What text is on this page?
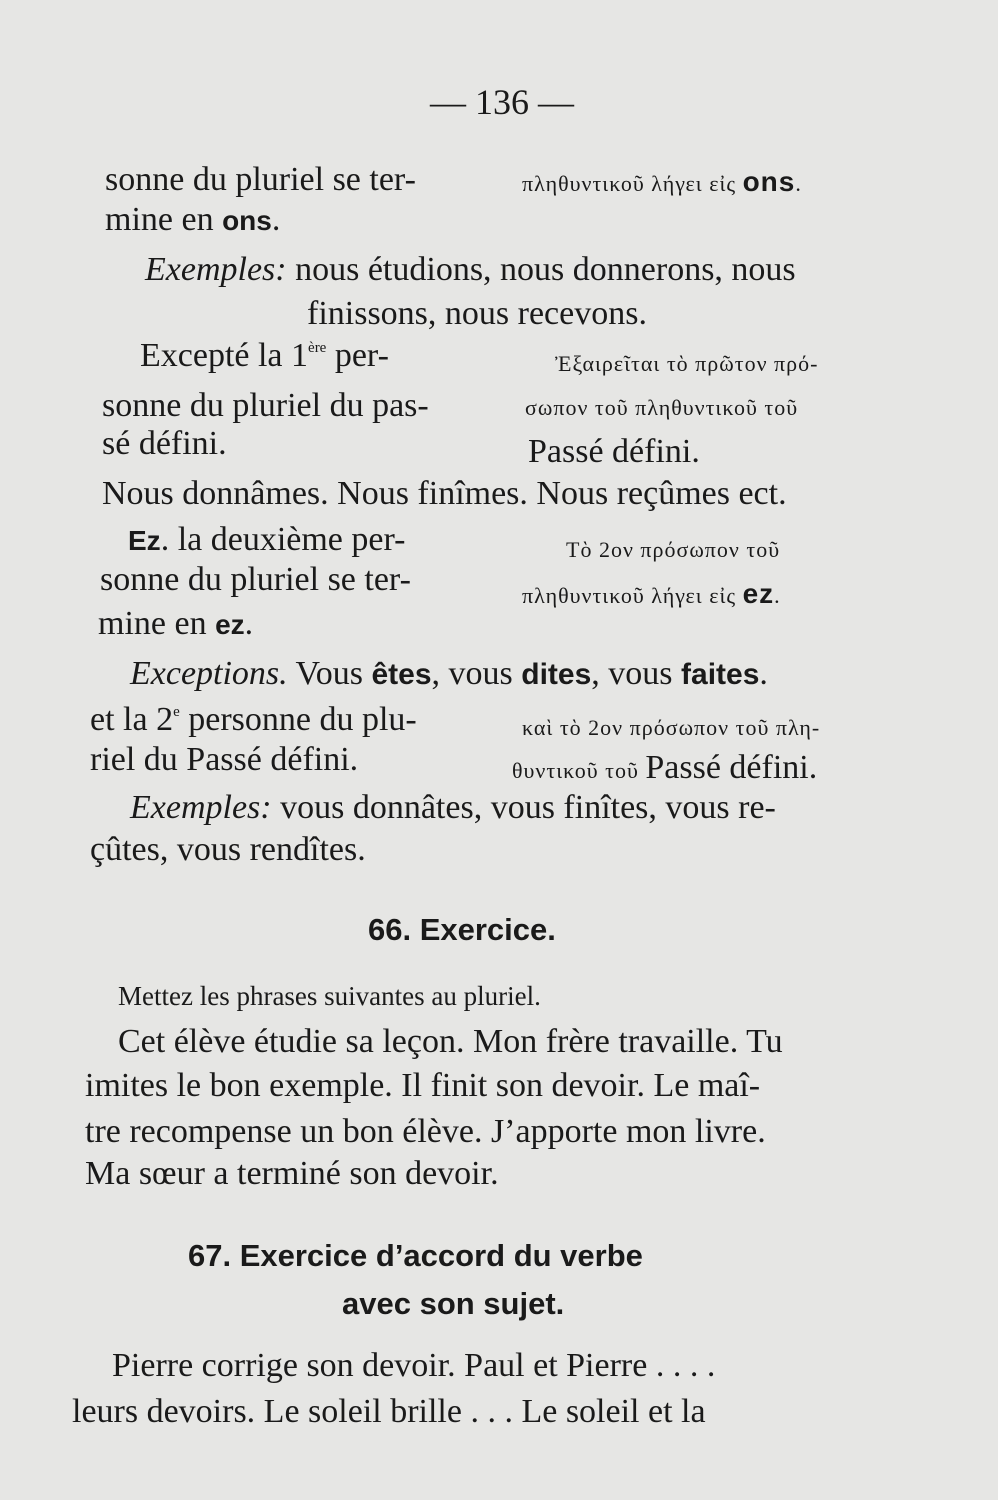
— 136 —
sonne du pluriel se ter-	πληθυντικοῦ λήγει εἰς ons.
mine en ons.
Exemples: nous étudions, nous donnerons, nous
finissons, nous recevons.
Excepté la 1ère per-
sonne du pluriel du pas-
sé défini.
Ἐξαιρεῖται τὸ πρῶτον πρό-
σωπον τοῦ πληθυντικοῦ τοῦ
Passé défini.
Nous donnâmes. Nous finîmes. Nous reçûmes ect.
Ez. la deuxième per-
sonne du pluriel se ter-
mine en ez.
Τὸ 2ον πρόσωπον τοῦ
πληθυντικοῦ λήγει εἰς ez.
Exceptions. Vous êtes, vous dites, vous faites.
et la 2e personne du plu-
riel du Passé défini.
καὶ τὸ 2ον πρόσωπον τοῦ πλη-
θυντικοῦ τοῦ Passé défini.
Exemples: vous donnâtes, vous finîtes, vous re-
çûtes, vous rendîtes.
66. Exercice.
Mettez les phrases suivantes au pluriel.
Cet élève étudie sa leçon. Mon frère travaille. Tu
imites le bon exemple. Il finit son devoir. Le maî-
tre recompense un bon élève. J’apporte mon livre.
Ma sœur a terminé son devoir.
67. Exercice d’accord du verbe
avec son sujet.
Pierre corrige son devoir. Paul et Pierre . . . .
leurs devoirs. Le soleil brille . . . Le soleil et la
